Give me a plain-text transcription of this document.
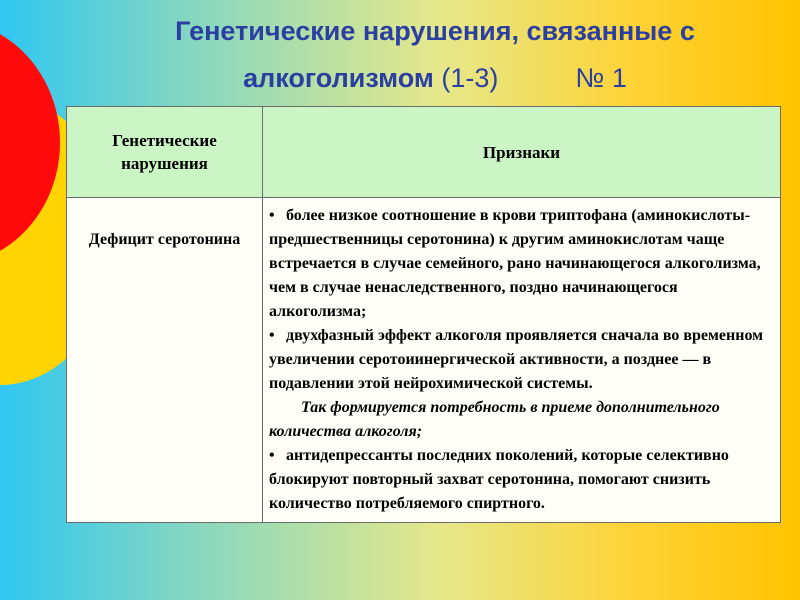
Генетические нарушения, связанные с
алкоголизмом (1-3)	№ 1
Генетические нарушения	Признаки
Дефицит серотонина	• более низкое соотношение в крови триптофана (аминокислоты-предшественницы серотонина) к другим аминокислотам чаще встречается в случае семейного, рано начинающегося алкоголизма, чем в случае ненаследственного, поздно начинающегося алкоголизма;
• двухфазный эффект алкоголя проявляется сначала во временном увеличении серотоиинергической активности, а позднее — в подавлении этой нейрохимической системы.
Так формируется потребность в приеме дополнительного количества алкоголя;
• антидепрессанты последних поколений, которые селективно блокируют повторный захват серотонина, помогают снизить количество потребляемого спиртного.
